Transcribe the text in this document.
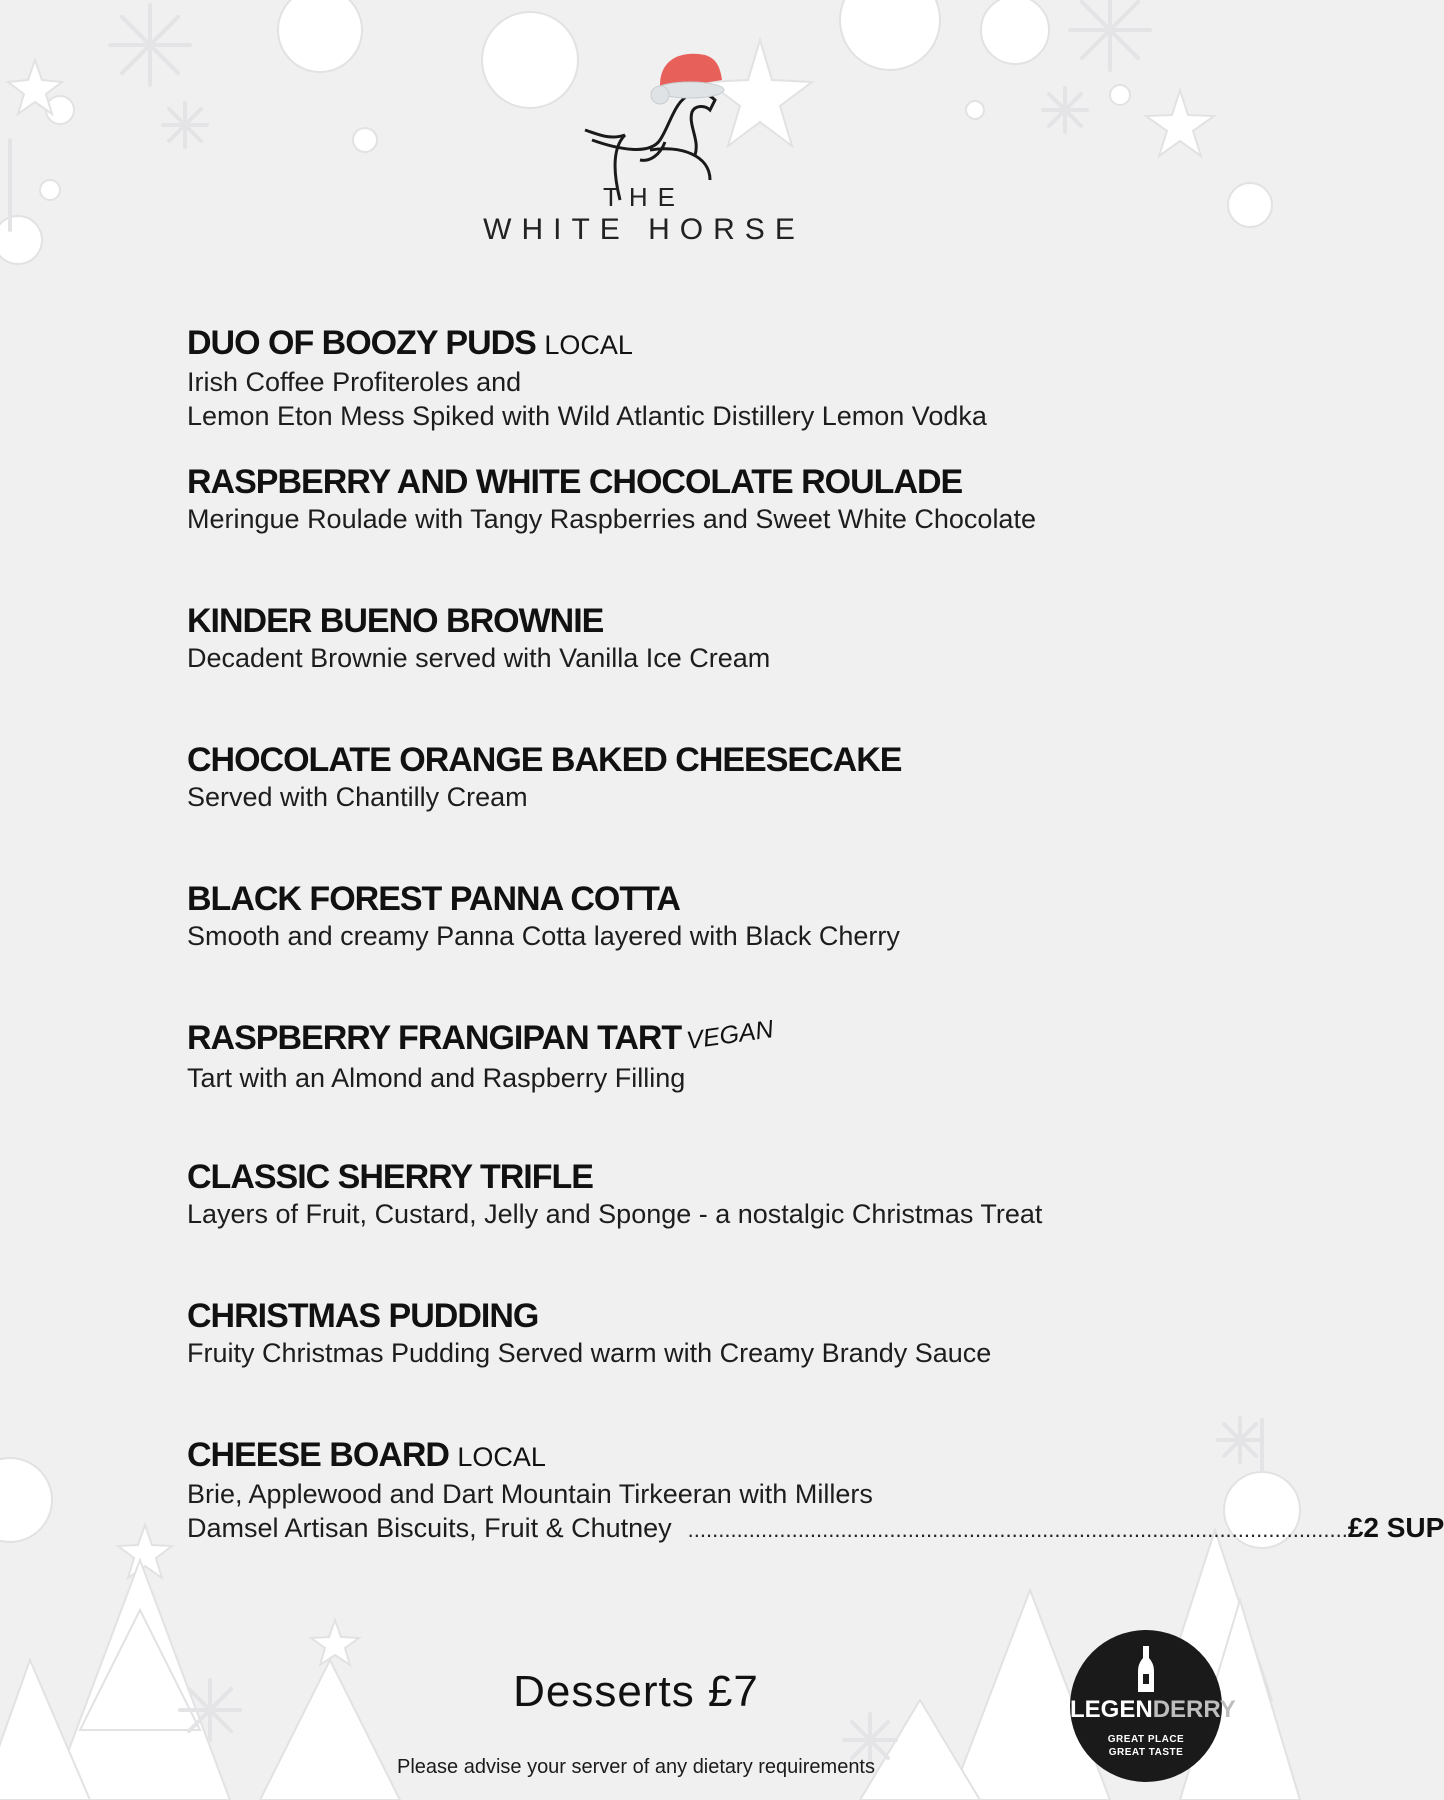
THE
WHITE HORSE
DUO OF BOOZY PUDS LOCAL

Irish Coffee Profiteroles and

Lemon Eton Mess Spiked with Wild Atlantic Distillery Lemon Vodka

RASPBERRY AND WHITE CHOCOLATE ROULADE

Meringue Roulade with Tangy Raspberries and Sweet White Chocolate

KINDER BUENO BROWNIE

Decadent Brownie served with Vanilla Ice Cream

CHOCOLATE ORANGE BAKED CHEESECAKE

Served with Chantilly Cream

BLACK FOREST PANNA COTTA

Smooth and creamy Panna Cotta layered with Black Cherry

RASPBERRY FRANGIPAN TART VEGAN

Tart with an Almond and Raspberry Filling

CLASSIC SHERRY TRIFLE

Layers of Fruit, Custard, Jelly and Sponge - a nostalgic Christmas Treat

CHRISTMAS PUDDING

Fruity Christmas Pudding Served warm with Creamy Brandy Sauce

CHEESE BOARD LOCAL

Brie, Applewood and Dart Mountain Tirkeeran with Millers

Damsel Artisan Biscuits, Fruit & Chutney ............................................................................................................ £2 SUP

Desserts £7
Please advise your server of any dietary requirements
LEGENDERRY
GREAT PLACE
GREAT TASTE
